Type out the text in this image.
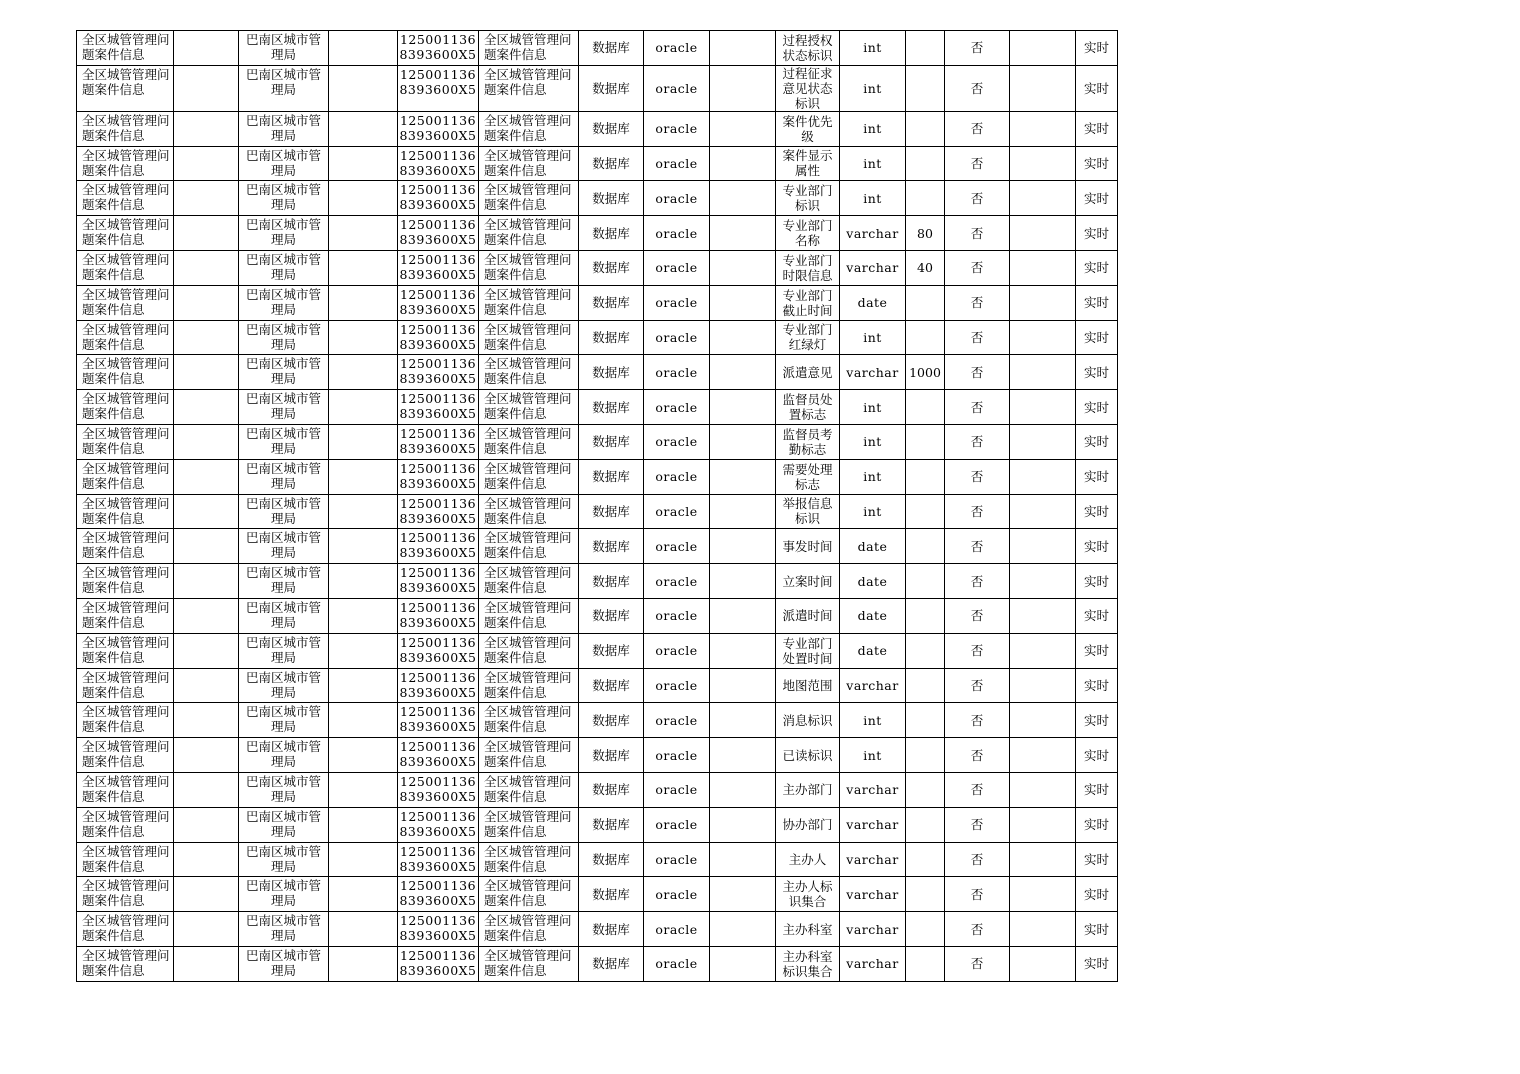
全区城管管理问题案件信息		巴南区城市管理局		1250011368393600X5	全区城管管理问题案件信息	数据库	oracle		过程授权状态标识	int		否		实时
全区城管管理问题案件信息		巴南区城市管理局		1250011368393600X5	全区城管管理问题案件信息	数据库	oracle		过程征求意见状态标识	int		否		实时
全区城管管理问题案件信息		巴南区城市管理局		1250011368393600X5	全区城管管理问题案件信息	数据库	oracle		案件优先级	int		否		实时
全区城管管理问题案件信息		巴南区城市管理局		1250011368393600X5	全区城管管理问题案件信息	数据库	oracle		案件显示属性	int		否		实时
全区城管管理问题案件信息		巴南区城市管理局		1250011368393600X5	全区城管管理问题案件信息	数据库	oracle		专业部门标识	int		否		实时
全区城管管理问题案件信息		巴南区城市管理局		1250011368393600X5	全区城管管理问题案件信息	数据库	oracle		专业部门名称	varchar	80	否		实时
全区城管管理问题案件信息		巴南区城市管理局		1250011368393600X5	全区城管管理问题案件信息	数据库	oracle		专业部门时限信息	varchar	40	否		实时
全区城管管理问题案件信息		巴南区城市管理局		1250011368393600X5	全区城管管理问题案件信息	数据库	oracle		专业部门截止时间	date		否		实时
全区城管管理问题案件信息		巴南区城市管理局		1250011368393600X5	全区城管管理问题案件信息	数据库	oracle		专业部门红绿灯	int		否		实时
全区城管管理问题案件信息		巴南区城市管理局		1250011368393600X5	全区城管管理问题案件信息	数据库	oracle		派遣意见	varchar	1000	否		实时
全区城管管理问题案件信息		巴南区城市管理局		1250011368393600X5	全区城管管理问题案件信息	数据库	oracle		监督员处置标志	int		否		实时
全区城管管理问题案件信息		巴南区城市管理局		1250011368393600X5	全区城管管理问题案件信息	数据库	oracle		监督员考勤标志	int		否		实时
全区城管管理问题案件信息		巴南区城市管理局		1250011368393600X5	全区城管管理问题案件信息	数据库	oracle		需要处理标志	int		否		实时
全区城管管理问题案件信息		巴南区城市管理局		1250011368393600X5	全区城管管理问题案件信息	数据库	oracle		举报信息标识	int		否		实时
全区城管管理问题案件信息		巴南区城市管理局		1250011368393600X5	全区城管管理问题案件信息	数据库	oracle		事发时间	date		否		实时
全区城管管理问题案件信息		巴南区城市管理局		1250011368393600X5	全区城管管理问题案件信息	数据库	oracle		立案时间	date		否		实时
全区城管管理问题案件信息		巴南区城市管理局		1250011368393600X5	全区城管管理问题案件信息	数据库	oracle		派遣时间	date		否		实时
全区城管管理问题案件信息		巴南区城市管理局		1250011368393600X5	全区城管管理问题案件信息	数据库	oracle		专业部门处置时间	date		否		实时
全区城管管理问题案件信息		巴南区城市管理局		1250011368393600X5	全区城管管理问题案件信息	数据库	oracle		地图范围	varchar		否		实时
全区城管管理问题案件信息		巴南区城市管理局		1250011368393600X5	全区城管管理问题案件信息	数据库	oracle		消息标识	int		否		实时
全区城管管理问题案件信息		巴南区城市管理局		1250011368393600X5	全区城管管理问题案件信息	数据库	oracle		已读标识	int		否		实时
全区城管管理问题案件信息		巴南区城市管理局		1250011368393600X5	全区城管管理问题案件信息	数据库	oracle		主办部门	varchar		否		实时
全区城管管理问题案件信息		巴南区城市管理局		1250011368393600X5	全区城管管理问题案件信息	数据库	oracle		协办部门	varchar		否		实时
全区城管管理问题案件信息		巴南区城市管理局		1250011368393600X5	全区城管管理问题案件信息	数据库	oracle		主办人	varchar		否		实时
全区城管管理问题案件信息		巴南区城市管理局		1250011368393600X5	全区城管管理问题案件信息	数据库	oracle		主办人标识集合	varchar		否		实时
全区城管管理问题案件信息		巴南区城市管理局		1250011368393600X5	全区城管管理问题案件信息	数据库	oracle		主办科室	varchar		否		实时
全区城管管理问题案件信息		巴南区城市管理局		1250011368393600X5	全区城管管理问题案件信息	数据库	oracle		主办科室标识集合	varchar		否		实时
